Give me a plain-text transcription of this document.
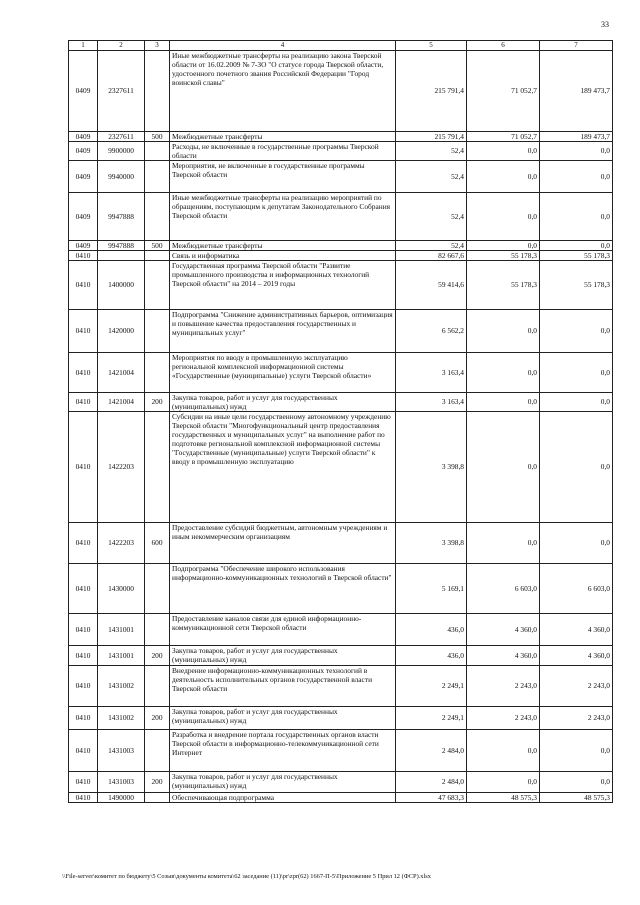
33
1	2	3	4	5	6	7
0409	2327611		Иные межбюджетные трансферты на реализацию закона Тверской области от 16.02.2009 № 7-ЗО "О статусе города Тверской области, удостоенного почетного звания Российской Федерации "Город воинской славы"	215 791,4	71 052,7	189 473,7
0409	2327611	500	Межбюджетные трансферты	215 791,4	71 052,7	189 473,7
0409	9900000		Расходы, не включенные в государственные программы Тверской области	52,4	0,0	0,0
0409	9940000		Мероприятия, не включенные в государственные программы Тверской области	52,4	0,0	0,0
0409	9947888		Иные межбюджетные трансферты на реализацию мероприятий по обращениям, поступающим к депутатам Законодательного Собрания Тверской области	52,4	0,0	0,0
0409	9947888	500	Межбюджетные трансферты	52,4	0,0	0,0
0410			Связь и информатика	82 667,6	55 178,3	55 178,3
0410	1400000		Государственная программа Тверской области "Развитие промышленного производства и информационных технологий Тверской области" на 2014 – 2019 годы	59 414,6	55 178,3	55 178,3
0410	1420000		Подпрограмма "Снижение административных барьеров, оптимизация и повышение качества предоставления государственных и муниципальных услуг"	6 562,2	0,0	0,0
0410	1421004		Мероприятия по вводу в промышленную эксплуатацию региональной комплексной информационной системы «Государственные (муниципальные) услуги Тверской области»	3 163,4	0,0	0,0
0410	1421004	200	Закупка товаров, работ и услуг для государственных (муниципальных) нужд	3 163,4	0,0	0,0
0410	1422203		Субсидии на иные цели государственному автономному учреждению Тверской области "Многофункциональный центр предоставления государственных и муниципальных услуг" на выполнение работ по подготовке региональной комплексной информационной системы "Государственные (муниципальные) услуги Тверской области" к вводу в промышленную эксплуатацию	3 398,8	0,0	0,0
0410	1422203	600	Предоставление субсидий бюджетным, автономным учреждениям и иным некоммерческим организациям	3 398,8	0,0	0,0
0410	1430000		Подпрограмма "Обеспечение широкого использования информационно-коммуникационных технологий в Тверской области"	5 169,1	6 603,0	6 603,0
0410	1431001		Предоставление каналов связи для единой информационно-коммуникационной сети Тверской области	436,0	4 360,0	4 360,0
0410	1431001	200	Закупка товаров, работ и услуг для государственных (муниципальных) нужд	436,0	4 360,0	4 360,0
0410	1431002		Внедрение информационно-коммуникационных технологий в деятельность исполнительных органов государственной власти Тверской области	2 249,1	2 243,0	2 243,0
0410	1431002	200	Закупка товаров, работ и услуг для государственных (муниципальных) нужд	2 249,1	2 243,0	2 243,0
0410	1431003		Разработка и внедрение портала государственных органов власти Тверской области в информационно-телекоммуникационной сети Интернет	2 484,0	0,0	0,0
0410	1431003	200	Закупка товаров, работ и услуг для государственных (муниципальных) нужд	2 484,0	0,0	0,0
0410	1490000		Обеспечивающая подпрограмма	47 683,3	48 575,3	48 575,3
\\File-server\комитет по бюджету\5 Созыв\документы комитета\62 заседание (11)\pr\zpr(62) 1667-П-5\Приложение 5 Прил 12 (ФСР).xlsx
